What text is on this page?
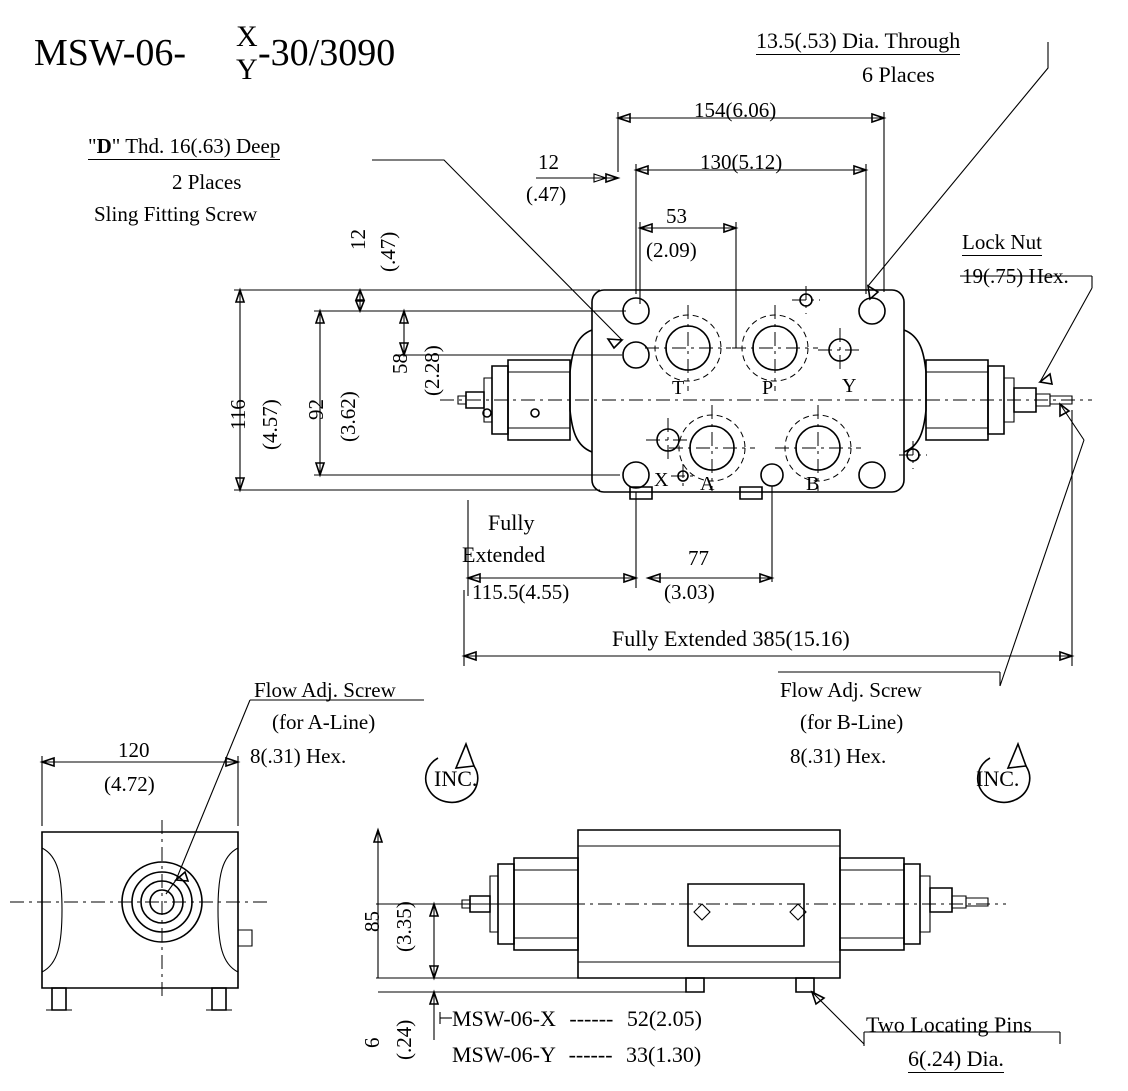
MSW-06- X
Y -30/3090	13.5(.53) Dia. Through
6 Places
"D" Thd. 16(.63) Deep
2 Places
Sling Fitting Screw
Lock Nut
19(.75) Hex.
154(6.06)
130(5.12)
12
(.47)
53
(2.09)
116 (4.57) 92 (3.62)
58 (2.28)
12 (.47)
T	P	Y
X A	B
Fully
Extended
115.5(4.55)
77
(3.03)
Fully Extended 385(15.16)
Flow Adj. Screw
(for A-Line)
8(.31) Hex.
INC.
Flow Adj. Screw
(for B-Line)
8(.31) Hex.
INC.
120
(4.72)
85 (3.35)
6 (.24)
MSW-06-X ------ 52(2.05)
MSW-06-Y ------ 33(1.30)
Two Locating Pins
6(.24) Dia.
